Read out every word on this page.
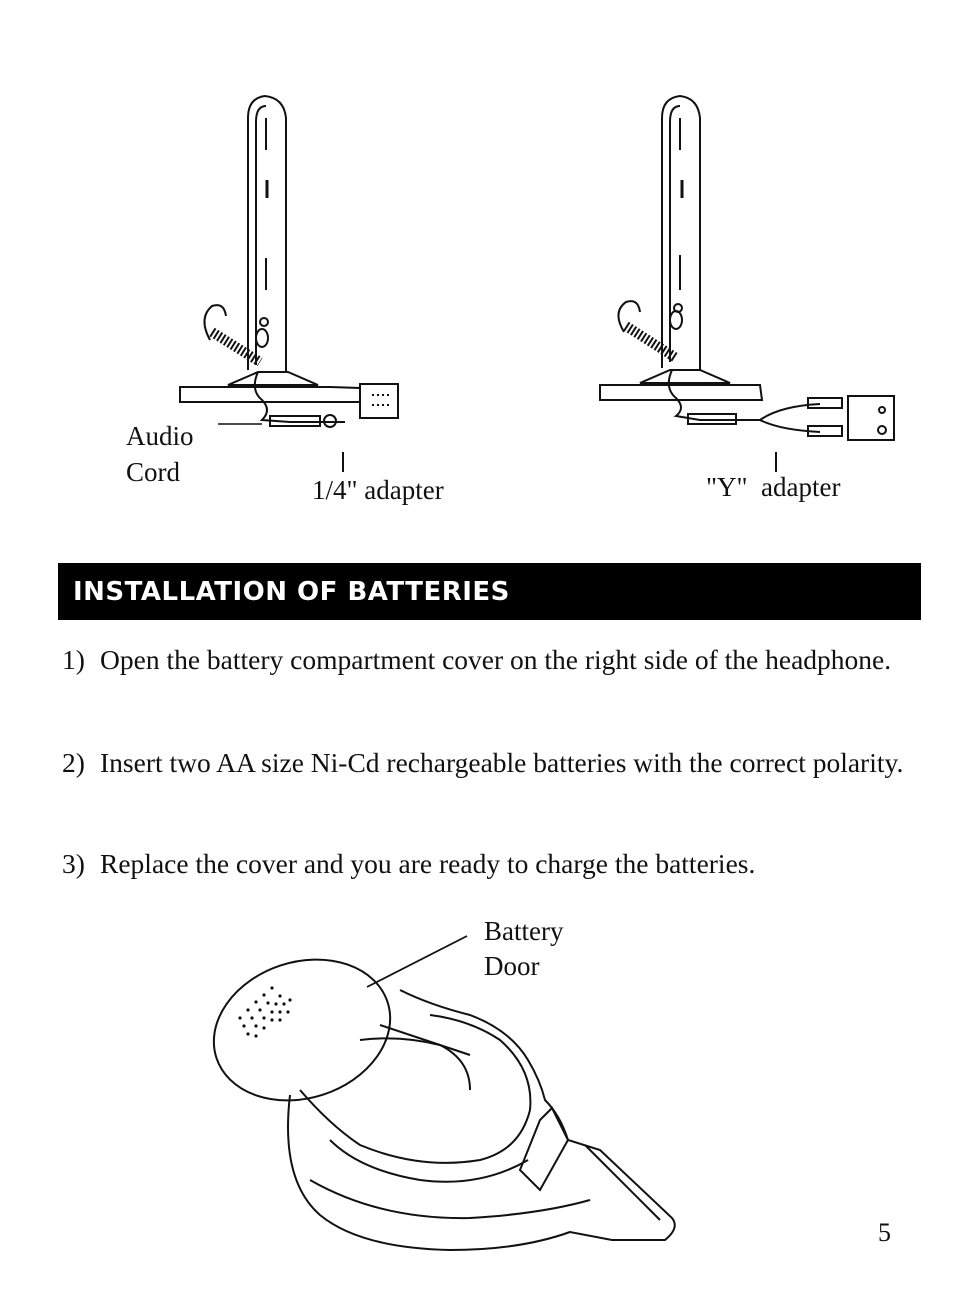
Audio
Cord
1/4" adapter	"Y"  adapter
INSTALLATION OF BATTERIES
1) Open the battery compartment cover on the right side of the headphone.
2) Insert two AA size Ni-Cd rechargeable batteries with the correct polarity.
3) Replace the cover and you are ready to charge the batteries.
Battery
Door
5
